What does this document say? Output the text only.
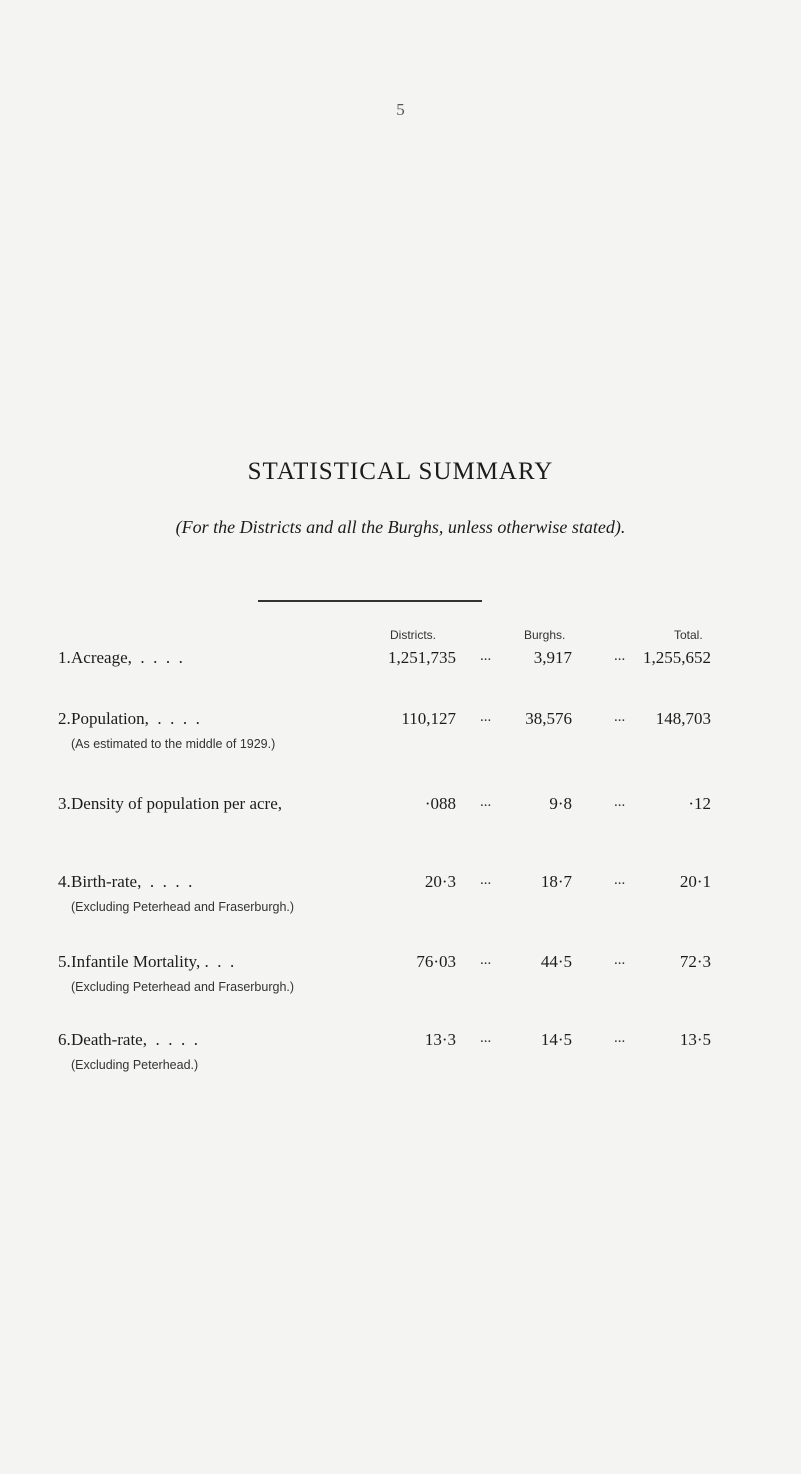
5
STATISTICAL SUMMARY
(For the Districts and all the Burghs, unless otherwise stated).
Districts.	Burghs.	Total.
1. Acreage,  .  .  .  .	1,251,735 ...	3,917	... 1,255,652
2. Population,  .  .  .  .
(As estimated to the middle of 1929.)
110,127 ... 38,576	... 148,703
3. Density of population per acre,	·088 ...	9·8	...	·12
4. Birth-rate,  .  .  .  .
(Excluding Peterhead and Fraserburgh.)
20·3 ...	18·7	...	20·1
5. Infantile Mortality, .  .  .
(Excluding Peterhead and Fraserburgh.)
76·03 ...	44·5	...	72·3
6. Death-rate,  .  .  .  .
(Excluding Peterhead.)
13·3 ...	14·5	...	13·5
